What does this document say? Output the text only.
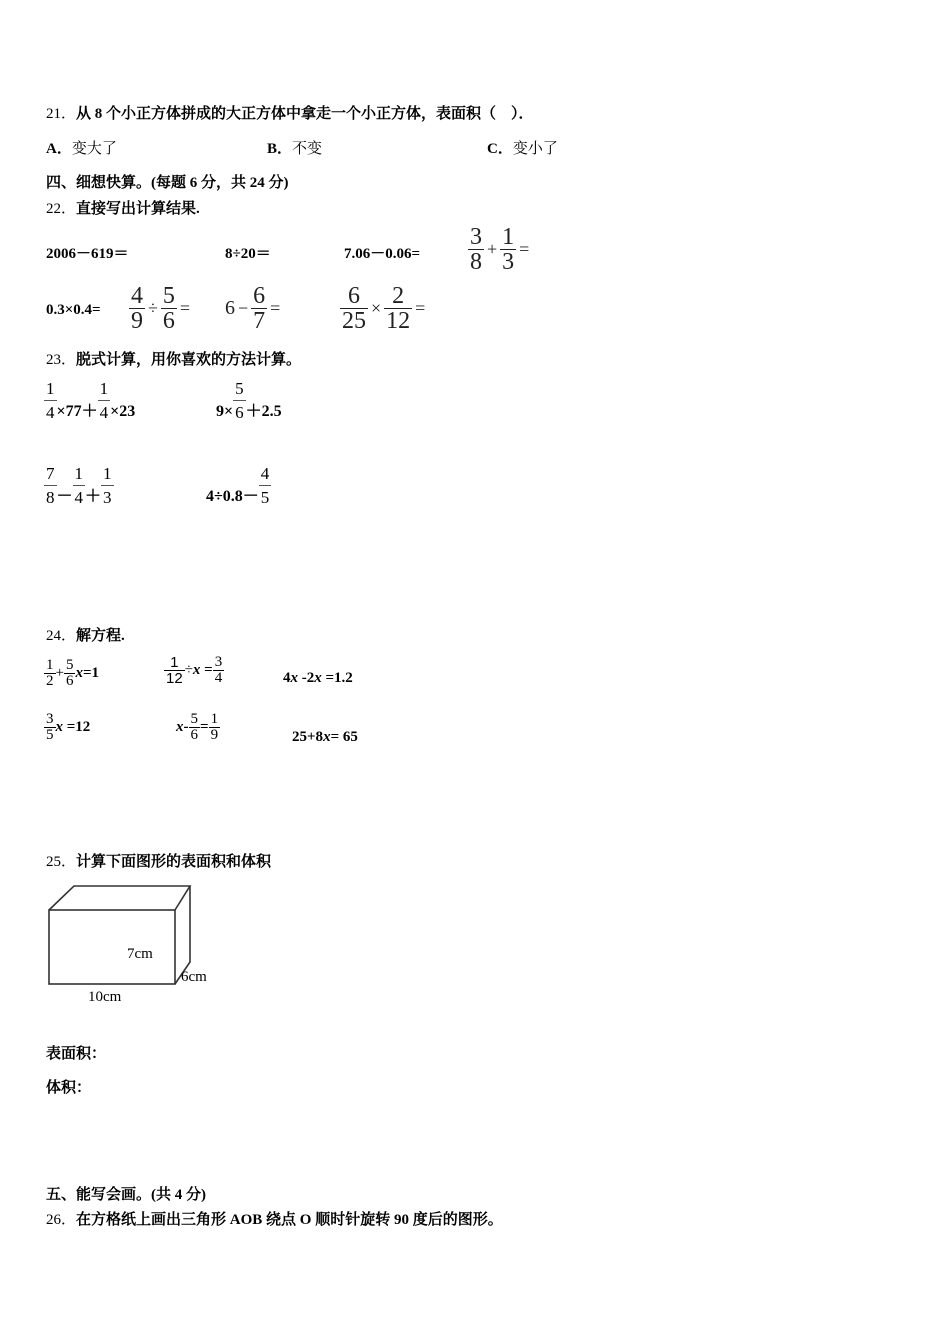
21．从 8 个小正方体拼成的大正方体中拿走一个小正方体，表面积（　）．
A．变大了	B．不变	C．变小了
四、细想快算。(每题 6 分，共 24 分)
22．直接写出计算结果.
2006－619＝	8÷20＝	$7.06-0.06= \frac{3}{8} + \frac{1}{3}$ =
$0.3\times 0.4= \frac{4}{9} \div \frac{5}{6} = 6 - \frac{6}{7} = \frac{6}{25} \times \frac{2}{12}$ =
23．脱式计算，用你喜欢的方法计算。
$\frac{1}{4} \times 77+ \frac{1}{4} \times 23$	$9\times \frac{5}{6} +2.5$
$\frac{7}{8} - \frac{1}{4} + \frac{1}{3}$	$4\div 0.8- \frac{4}{5}$
24．解方程.
$\frac{1}{2} + \frac{5}{6} x=1$	$\frac{1}{12} \div x = \frac{3}{4}$	4x -2x =1.2
$\frac{3}{5}$ x =12	$x- \frac{5}{6} = \frac{1}{9}$	25+8x= 65
25．计算下面图形的表面积和体积
7cm
6cm
10cm
表面积：
体积：
五、能写会画。(共 4 分)
26．在方格纸上画出三角形 AOB 绕点 O 顺时针旋转 90 度后的图形。
